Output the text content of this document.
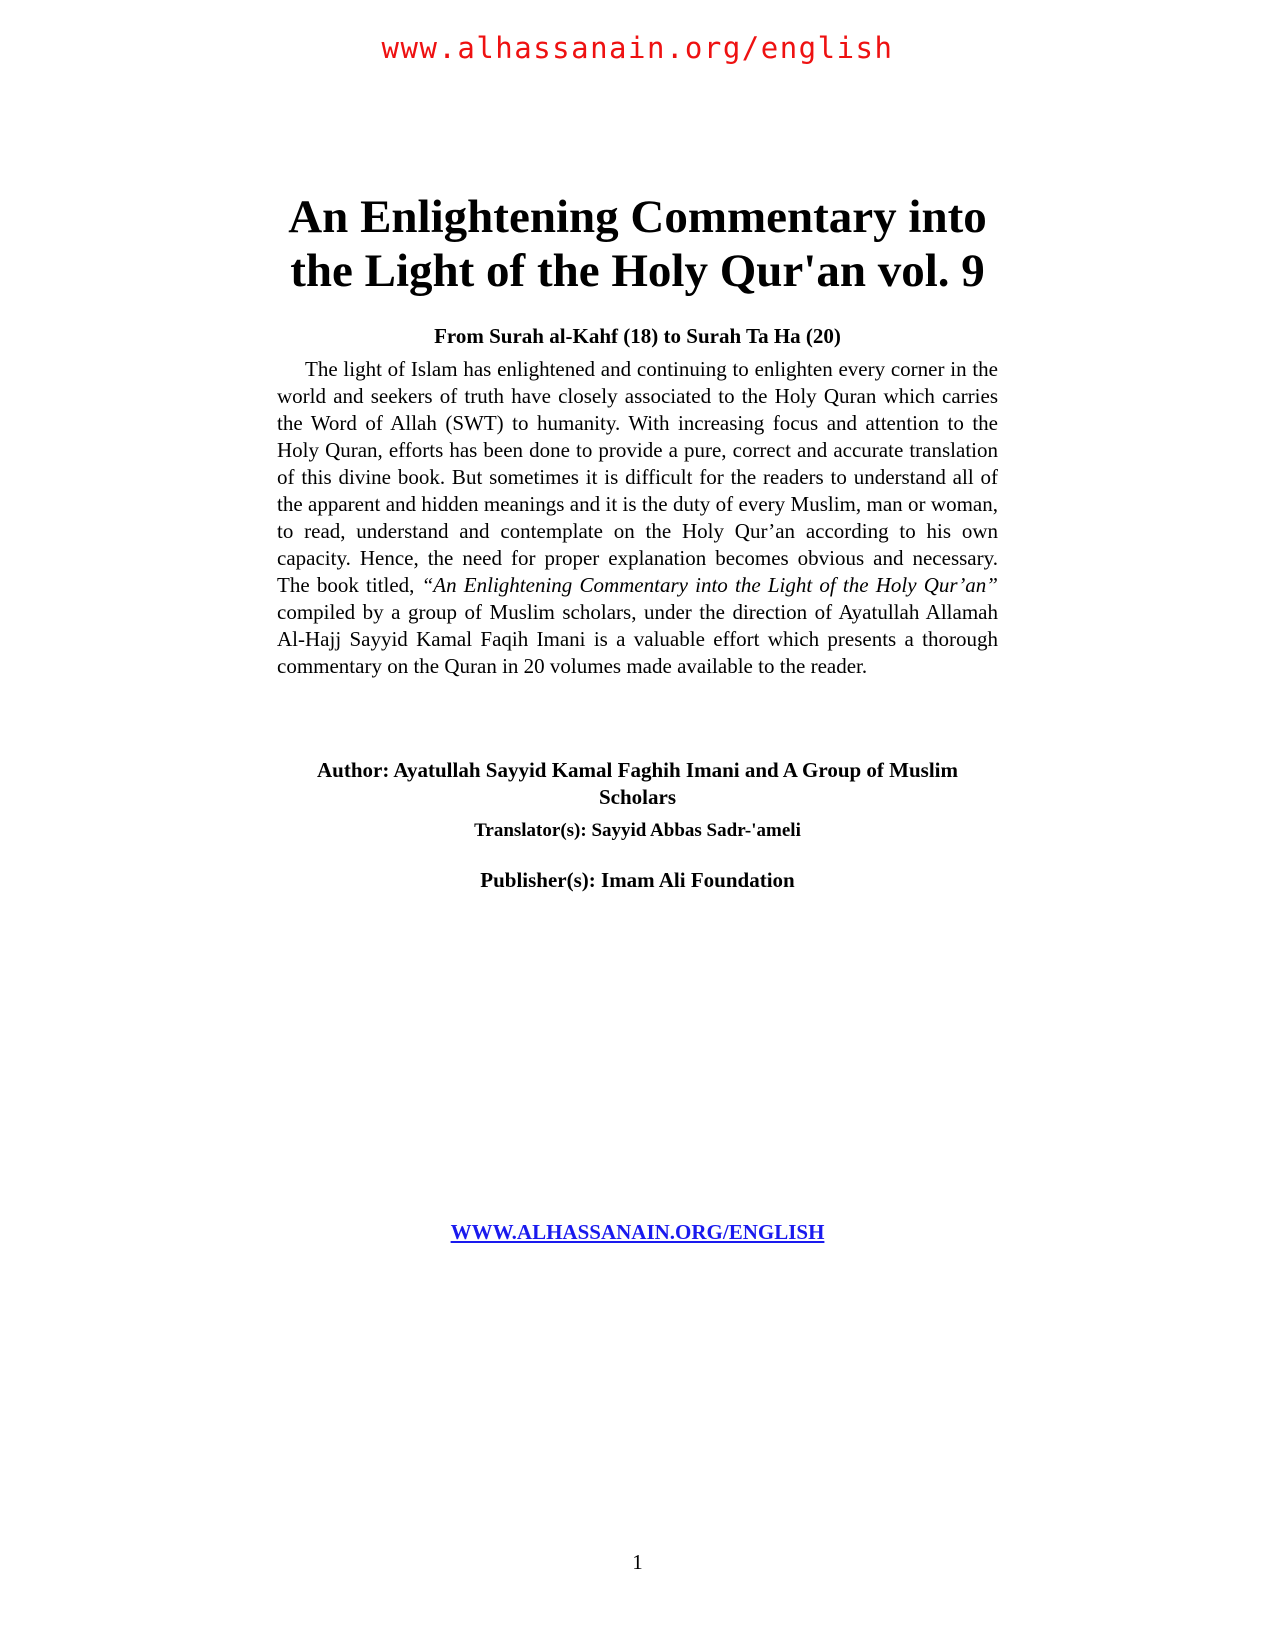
www.alhassanain.org/english
An Enlightening Commentary into
the Light of the Holy Qur'an vol. 9
From Surah al-Kahf (18) to Surah Ta Ha (20)

The light of Islam has enlightened and continuing to enlighten every corner in the world and seekers of truth have closely associated to the Holy Quran which carries the Word of Allah (SWT) to humanity. With increasing focus and attention to the Holy Quran, efforts has been done to provide a pure, correct and accurate translation of this divine book. But sometimes it is difficult for the readers to understand all of the apparent and hidden meanings and it is the duty of every Muslim, man or woman, to read, understand and contemplate on the Holy Qur’an according to his own capacity. Hence, the need for proper explanation becomes obvious and necessary. The book titled, “An Enlightening Commentary into the Light of the Holy Qur’an” compiled by a group of Muslim scholars, under the direction of Ayatullah Allamah Al-Hajj Sayyid Kamal Faqih Imani is a valuable effort which presents a thorough commentary on the Quran in 20 volumes made available to the reader.

Author: Ayatullah Sayyid Kamal Faghih Imani and A Group of Muslim Scholars
Translator(s): Sayyid Abbas Sadr-'ameli
Publisher(s): Imam Ali Foundation
WWW.ALHASSANAIN.ORG/ENGLISH
1
